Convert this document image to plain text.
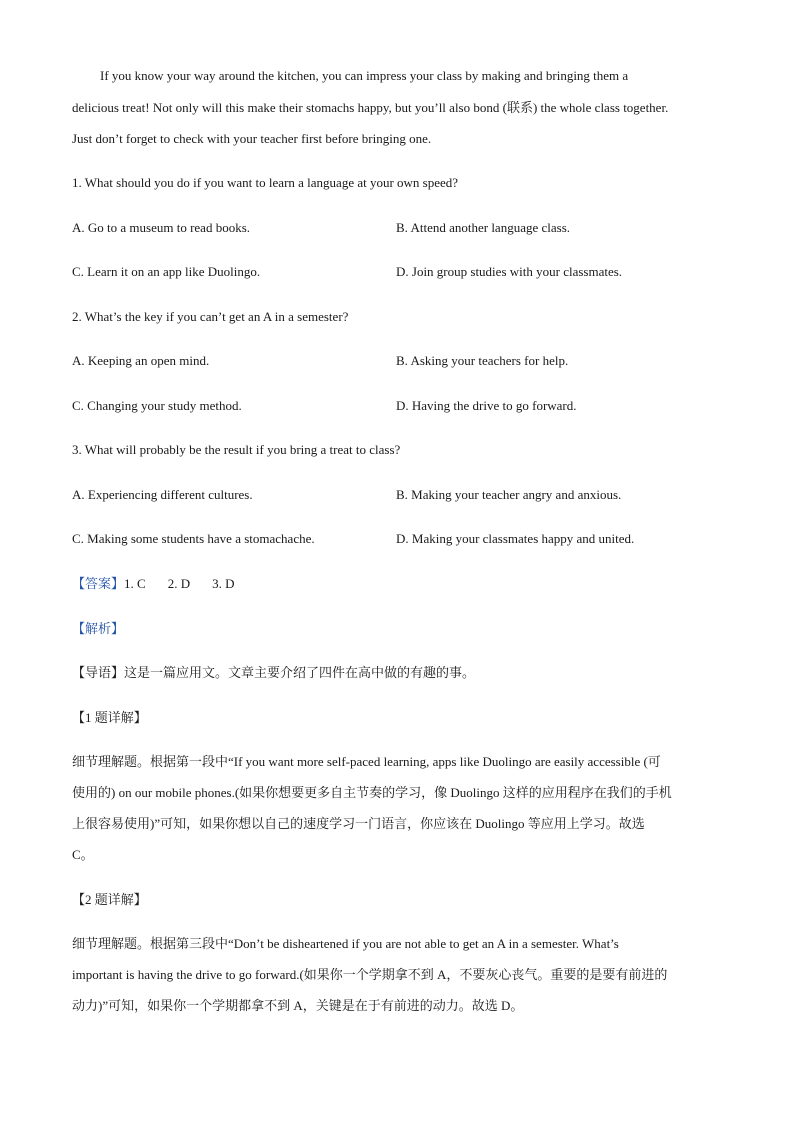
If you know your way around the kitchen, you can impress your class by making and bringing them a
delicious treat! Not only will this make their stomachs happy, but you’ll also bond (联系) the whole class together.
Just don’t forget to check with your teacher first before bringing one.
1. What should you do if you want to learn a language at your own speed?
A. Go to a museum to read books.	B. Attend another language class.
C. Learn it on an app like Duolingo.	D. Join group studies with your classmates.
2. What’s the key if you can’t get an A in a semester?
A. Keeping an open mind.	B. Asking your teachers for help.
C. Changing your study method.	D. Having the drive to go forward.
3. What will probably be the result if you bring a treat to class?
A. Experiencing different cultures.	B. Making your teacher angry and anxious.
C. Making some students have a stomachache.	D. Making your classmates happy and united.
【答案】1. C 2. D 3. D
【解析】
【导语】这是一篇应用文。文章主要介绍了四件在高中做的有趣的事。
【1 题详解】
细节理解题。根据第一段中“If you want more self-paced learning, apps like Duolingo are easily accessible (可
使用的) on our mobile phones.(如果你想要更多自主节奏的学习，像 Duolingo 这样的应用程序在我们的手机
上很容易使用)”可知，如果你想以自己的速度学习一门语言，你应该在 Duolingo 等应用上学习。故选
C。
【2 题详解】
细节理解题。根据第三段中“Don’t be disheartened if you are not able to get an A in a semester. What’s
important is having the drive to go forward.(如果你一个学期拿不到 A，不要灰心丧气。重要的是要有前进的
动力)”可知，如果你一个学期都拿不到 A，关键是在于有前进的动力。故选 D。
